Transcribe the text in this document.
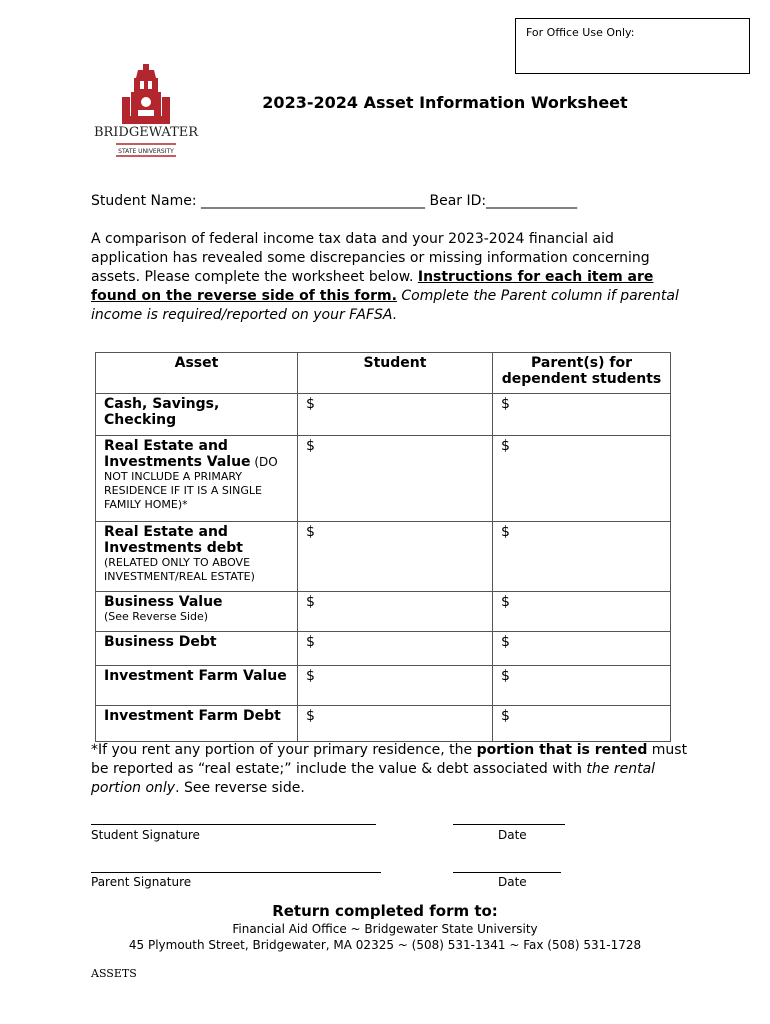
For Office Use Only:
BRIDGEWATER
STATE UNIVERSITY
2023-2024 Asset Information Worksheet
Student Name: ________________________________ Bear ID:_____________
A comparison of federal income tax data and your 2023-2024 financial aid application has revealed some discrepancies or missing information concerning assets. Please complete the worksheet below. Instructions for each item are found on the reverse side of this form. Complete the Parent column if parental income is required/reported on your FAFSA.
Asset	Student	Parent(s) for dependent students
Cash, Savings, Checking	$	$
Real Estate and Investments Value (DO
NOT INCLUDE A PRIMARY RESIDENCE IF IT IS A SINGLE FAMILY HOME)*	$	$
Real Estate and Investments debt
(RELATED ONLY TO ABOVE INVESTMENT/REAL ESTATE)	$	$
Business Value
(See Reverse Side)	$	$
Business Debt	$	$
Investment Farm Value	$	$
Investment Farm Debt	$	$
*If you rent any portion of your primary residence, the portion that is rented must be reported as “real estate;” include the value & debt associated with the rental portion only. See reverse side.
Student Signature	Date
Parent Signature	Date
Return completed form to:
Financial Aid Office ~ Bridgewater State University
45 Plymouth Street, Bridgewater, MA 02325 ~ (508) 531-1341 ~ Fax (508) 531-1728
ASSETS
